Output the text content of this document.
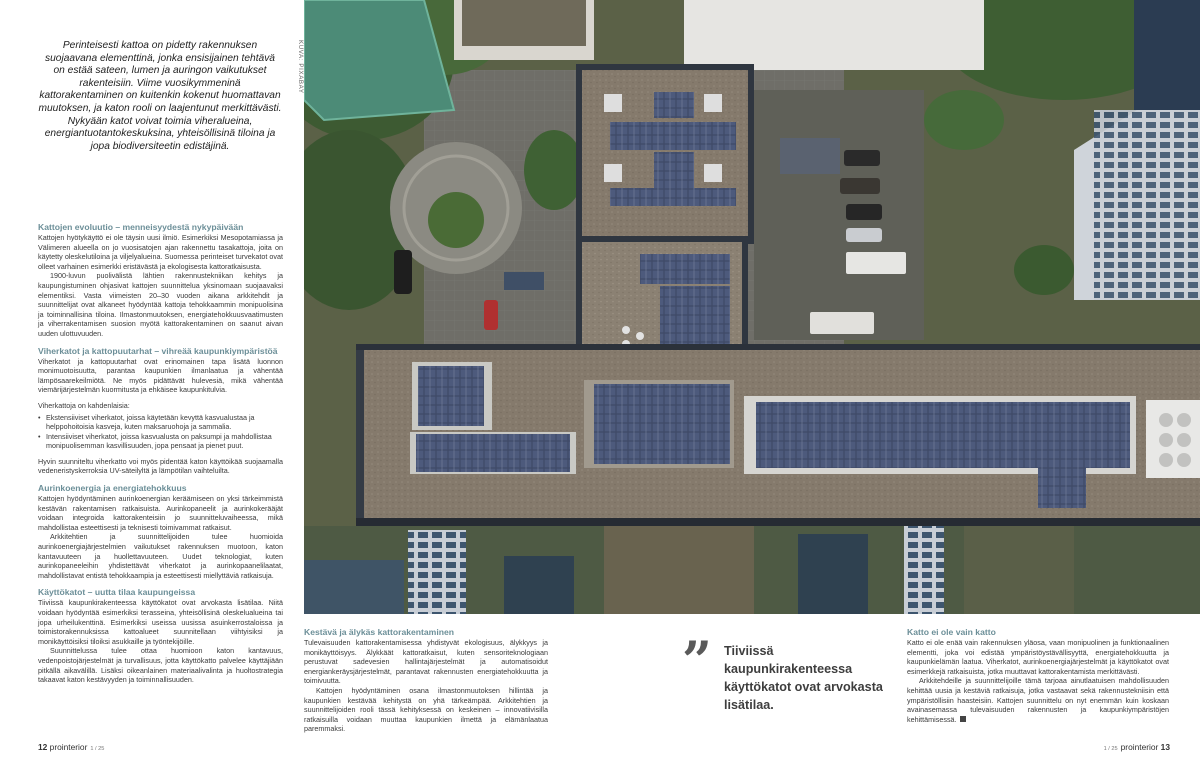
Perinteisesti kattoa on pidetty rakennuksen suojaavana elementtinä, jonka ensisijainen tehtävä on estää sateen, lumen ja auringon vaikutukset rakenteisiin. Viime vuosikymmeninä kattorakentaminen on kuitenkin kokenut huomattavan muutoksen, ja katon rooli on laajentunut merkittävästi. Nykyään katot voivat toimia viheralueina, energiantuotantokeskuksina, yhteisöllisinä tiloina ja jopa biodiversiteetin edistäjinä.

Kattojen evoluutio – menneisyydestä nykypäivään

Kattojen hyötykäyttö ei ole täysin uusi ilmiö. Esimerkiksi Mesopotamiassa ja Välimeren alueella on jo vuosisatojen ajan rakennettu tasakattoja, joita on käytetty oleskelutiloina ja viljelyalueina. Suomessa perinteiset turvekatot ovat olleet varhainen esimerkki eristävästä ja ekologisesta kattoratkaisusta.

1900-luvun puolivälistä lähtien rakennustekniikan kehitys ja kaupungistuminen ohjasivat kattojen suunnittelua yksinomaan suojaavaksi elementiksi. Vasta viimeisten 20–30 vuoden aikana arkkitehdit ja suunnittelijat ovat alkaneet hyödyntää kattoja tehokkaammin monipuolisina ja toiminnallisina tiloina. Ilmastonmuutoksen, energiatehokkuusvaatimusten ja viherrakentamisen suosion myötä kattorakentaminen on saanut aivan uuden ulottuvuuden.

Viherkatot ja kattopuutarhat – vihreää kaupunkiympäristöä

Viherkatot ja kattopuutarhat ovat erinomainen tapa lisätä luonnon monimuotoisuutta, parantaa kaupunkien ilmanlaatua ja vähentää lämpösaarekeilmiötä. Ne myös pidättävät hulevesiä, mikä vähentää viemärijärjestelmän kuormitusta ja ehkäisee kaupunkitulvia.

Viherkattoja on kahdenlaisia:

• Ekstensiiviset viherkatot, joissa käytetään kevyttä kasvualustaa ja helppohoitoisia kasveja, kuten maksaruohoja ja sammalia.
• Intensiiviset viherkatot, joissa kasvualusta on paksumpi ja mahdollistaa monipuolisemman kasvillisuuden, jopa pensaat ja pienet puut.

Hyvin suunniteltu viherkatto voi myös pidentää katon käyttöikää suojaamalla vedeneristyskerroksia UV-säteilyltä ja lämpötilan vaihteluilta.

Aurinkoenergia ja energiatehokkuus

Kattojen hyödyntäminen aurinkoenergian keräämiseen on yksi tärkeimmistä kestävän rakentamisen ratkaisuista. Aurinkopaneelit ja aurinkokerääjät voidaan integroida kattorakenteisiin jo suunnitteluvaiheessa, mikä mahdollistaa esteettisesti ja teknisesti toimivammat ratkaisut.

Arkkitehtien ja suunnittelijoiden tulee huomioida aurinkoenergiajärjestelmien vaikutukset rakennuksen muotoon, katon kantavuuteen ja huollettavuuteen. Uudet teknologiat, kuten aurinkopaneeleihin yhdistettävät viherkatot ja aurinkopaanelilaatat, mahdollistavat entistä tehokkaampia ja esteettisesti miellyttäviä ratkaisuja.

Käyttökatot – uutta tilaa kaupungeissa

Tiiviissä kaupunkirakenteessa käyttökatot ovat arvokasta lisätilaa. Niitä voidaan hyödyntää esimerkiksi terasseina, yhteisöllisinä oleskelualueina tai jopa urheilukenttinä. Esimerkiksi useissa uusissa asuinkerrostaloissa ja toimistorakennuksissa kattoalueet suunnitellaan viihtyisiksi ja monikäyttöisiksi tiloiksi asukkaille ja työntekijöille.

Suunnittelussa tulee ottaa huomioon katon kantavuus, vedenpoistojärjestelmät ja turvallisuus, jotta käyttökatto palvelee käyttäjiään pitkällä aikavälillä. Lisäksi oikeanlainen materiaalivalinta ja huoltostrategia takaavat katon kestävyyden ja toiminnallisuuden.

KUVA: PIXABAY
Kestävä ja älykäs kattorakentaminen

Tulevaisuuden kattorakentamisessa yhdistyvät ekologisuus, älykkyys ja monikäyttöisyys. Älykkäät kattoratkaisut, kuten sensoriteknologiaan perustuvat sadevesien hallintajärjestelmät ja automatisoidut energiankeräysjärjestelmät, parantavat rakennusten energiatehokkuutta ja toimivuutta.

Kattojen hyödyntäminen osana ilmastonmuutoksen hillintää ja kaupunkien kestävää kehitystä on yhä tärkeämpää. Arkkitehtien ja suunnittelijoiden rooli tässä kehityksessä on keskeinen – innovatiivisilla ratkaisuilla voidaan muuttaa kaupunkien ilmettä ja elämänlaatua paremmaksi.

” Tiiviissä kaupunkirakenteessa käyttökatot ovat arvokasta lisätilaa.
Katto ei ole vain katto

Katto ei ole enää vain rakennuksen yläosa, vaan monipuolinen ja funktionaalinen elementti, joka voi edistää ympäristöystävällisyyttä, energiatehokkuutta ja kaupunkielämän laatua. Viherkatot, aurinkoenergiajärjestelmät ja käyttökatot ovat esimerkkejä ratkaisuista, jotka muuttavat kattorakentamista merkittävästi.

Arkkitehdeille ja suunnittelijoille tämä tarjoaa ainutlaatuisen mahdollisuuden kehittää uusia ja kestäviä ratkaisuja, jotka vastaavat sekä rakennustekniisin että ympäristöllisiin haasteisiin. Kattojen suunnittelu on nyt enemmän kuin koskaan avainasemassa tulevaisuuden rakennusten ja kaupunkiympäristöjen kehittämisessä.

12 prointerior 1 / 25	1 / 25 prointerior 13
